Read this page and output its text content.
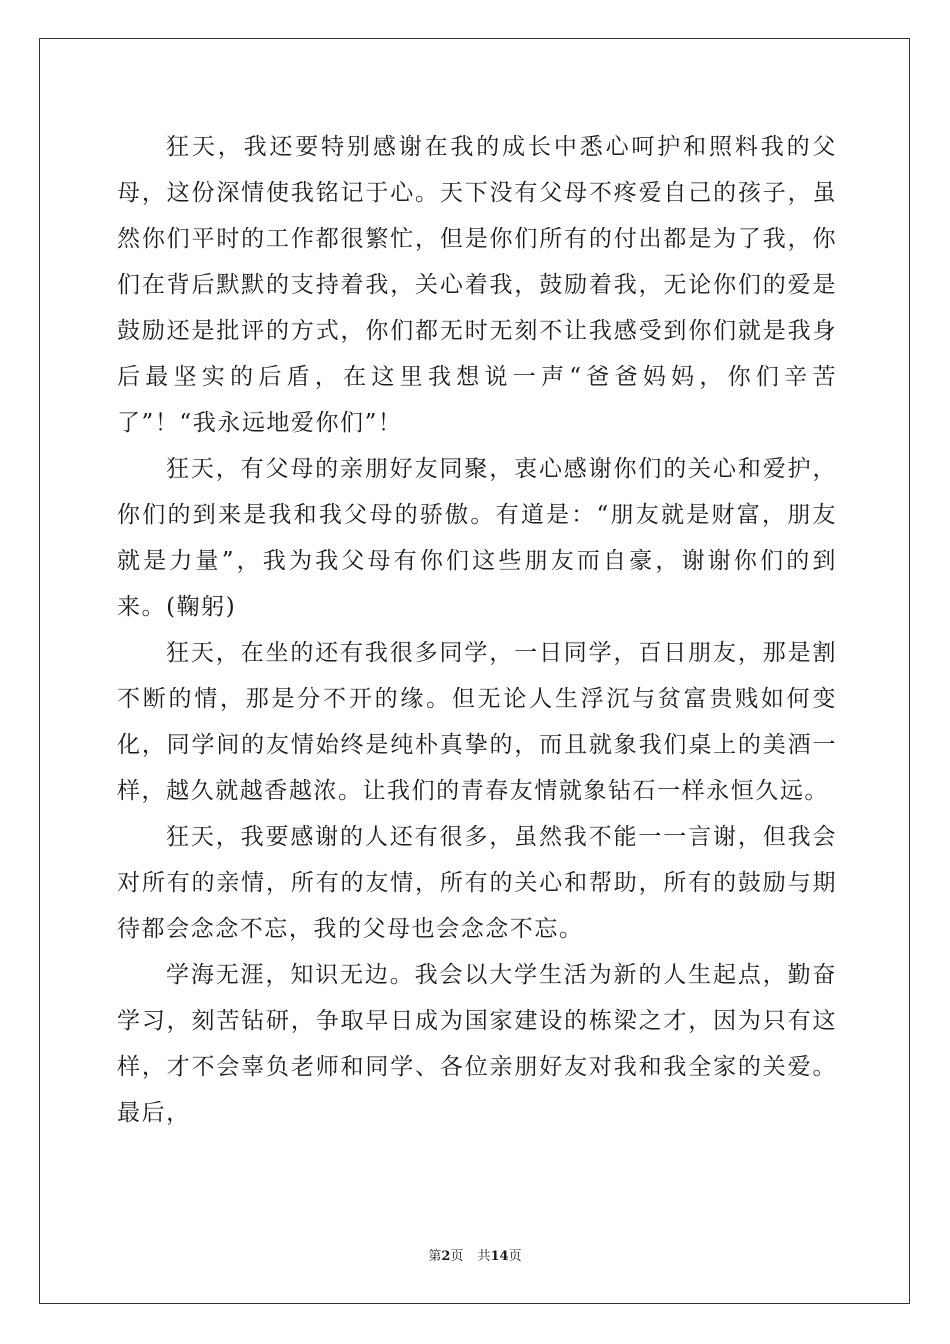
狂天，我还要特别感谢在我的成长中悉心呵护和照料我的父母，这份深情使我铭记于心。天下没有父母不疼爱自己的孩子，虽然你们平时的工作都很繁忙，但是你们所有的付出都是为了我，你们在背后默默的支持着我，关心着我，鼓励着我，无论你们的爱是鼓励还是批评的方式，你们都无时无刻不让我感受到你们就是我身后最坚实的后盾，在这里我想说一声“爸爸妈妈，你们辛苦了”！“我永远地爱你们”！

狂天，有父母的亲朋好友同聚，衷心感谢你们的关心和爱护，你们的到来是我和我父母的骄傲。有道是：“朋友就是财富，朋友就是力量”，我为我父母有你们这些朋友而自豪，谢谢你们的到来。(鞠躬)

狂天，在坐的还有我很多同学，一日同学，百日朋友，那是割不断的情，那是分不开的缘。但无论人生浮沉与贫富贵贱如何变化，同学间的友情始终是纯朴真挚的，而且就象我们桌上的美酒一样，越久就越香越浓。让我们的青春友情就象钻石一样永恒久远。

狂天，我要感谢的人还有很多，虽然我不能一一言谢，但我会对所有的亲情，所有的友情，所有的关心和帮助，所有的鼓励与期待都会念念不忘，我的父母也会念念不忘。

学海无涯，知识无边。我会以大学生活为新的人生起点，勤奋学习，刻苦钻研，争取早日成为国家建设的栋梁之才，因为只有这样，才不会辜负老师和同学、各位亲朋好友对我和我全家的关爱。最后，

第2页 共14页
